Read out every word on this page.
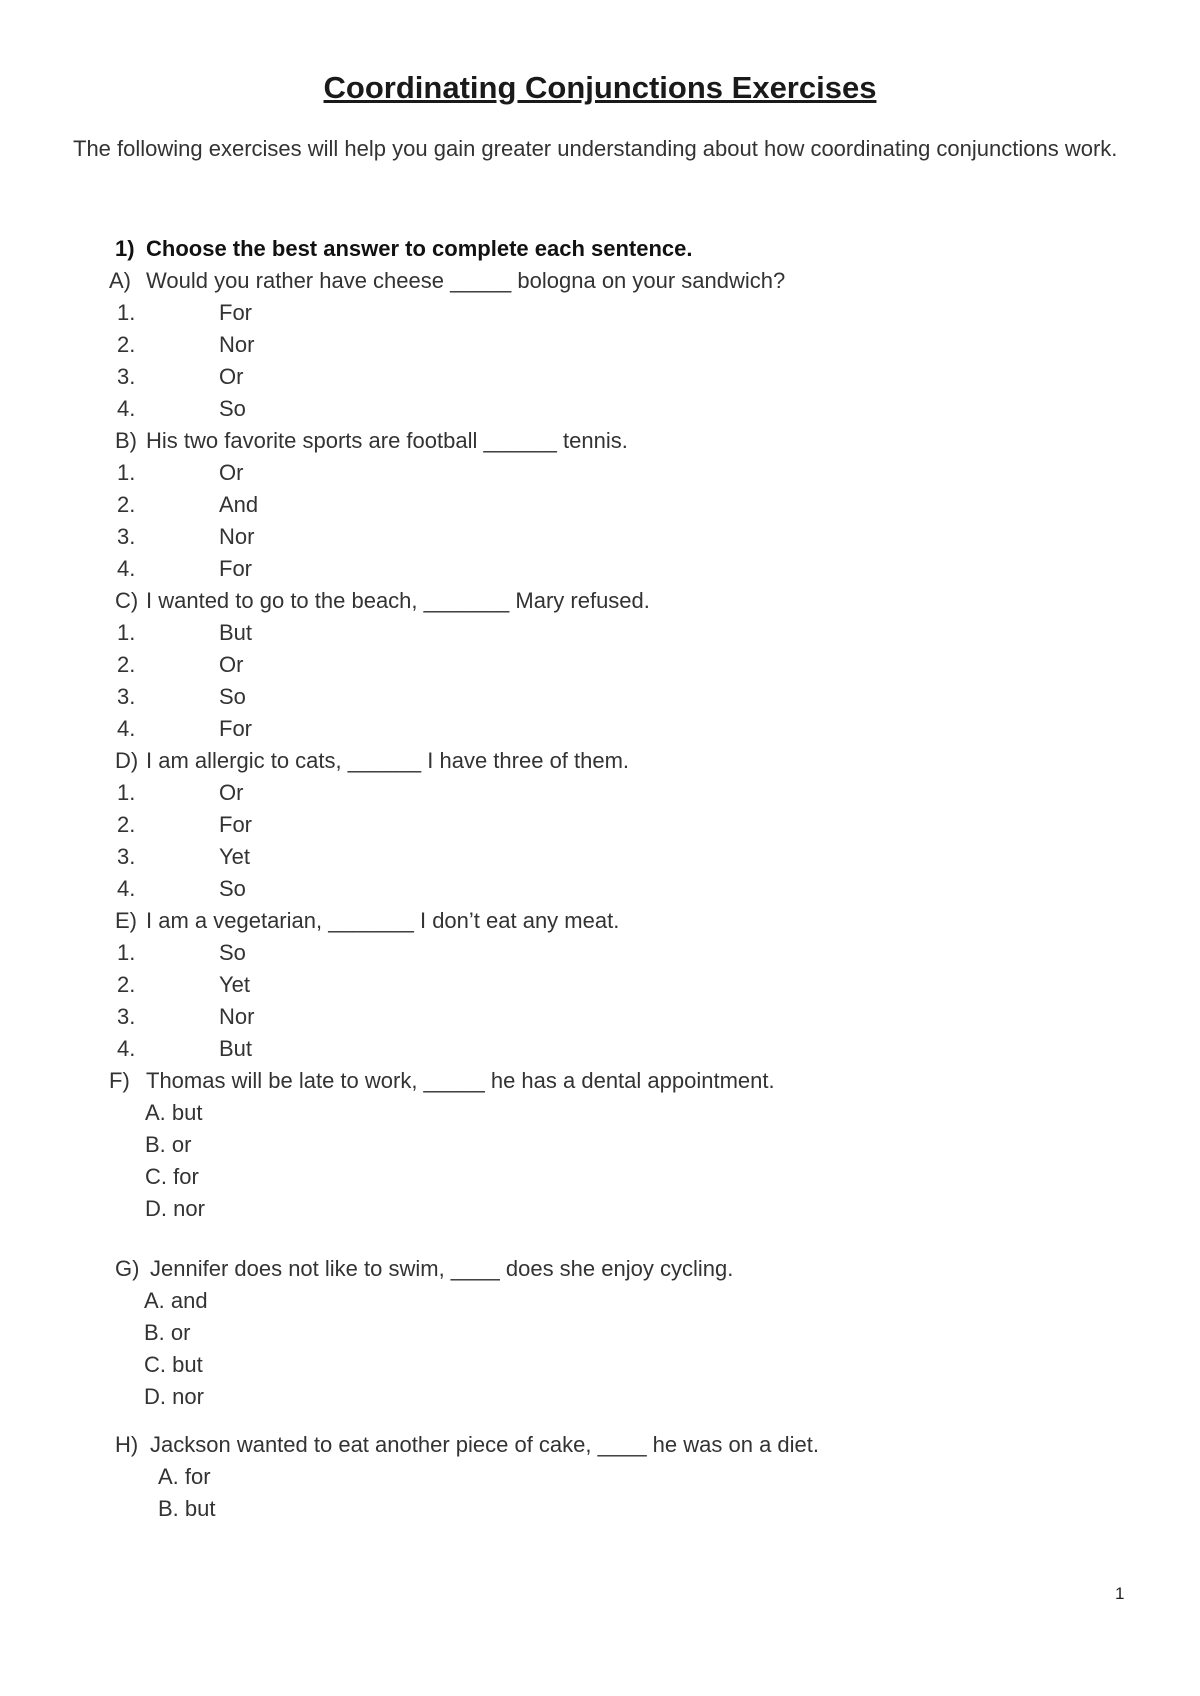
Coordinating Conjunctions Exercises
The following exercises will help you gain greater understanding about how coordinating conjunctions work.
1) Choose the best answer to complete each sentence.
A) Would you rather have cheese _____ bologna on your sandwich?
1.	For
2.	Nor
3.	Or
4.	So
B) His two favorite sports are football ______ tennis.
1.	Or
2.	And
3.	Nor
4.	For
C) I wanted to go to the beach, _______ Mary refused.
1.	But
2.	Or
3.	So
4.	For
D) I am allergic to cats, ______ I have three of them.
1.	Or
2.	For
3.	Yet
4.	So
E) I am a vegetarian, _______ I don’t eat any meat.
1.	So
2.	Yet
3.	Nor
4.	But
F) Thomas will be late to work, _____ he has a dental appointment.
A. but
B. or
C. for
D. nor
G) Jennifer does not like to swim, ____ does she enjoy cycling.
A. and
B. or
C. but
D. nor
H) Jackson wanted to eat another piece of cake, ____ he was on a diet.
A. for
B. but
1
